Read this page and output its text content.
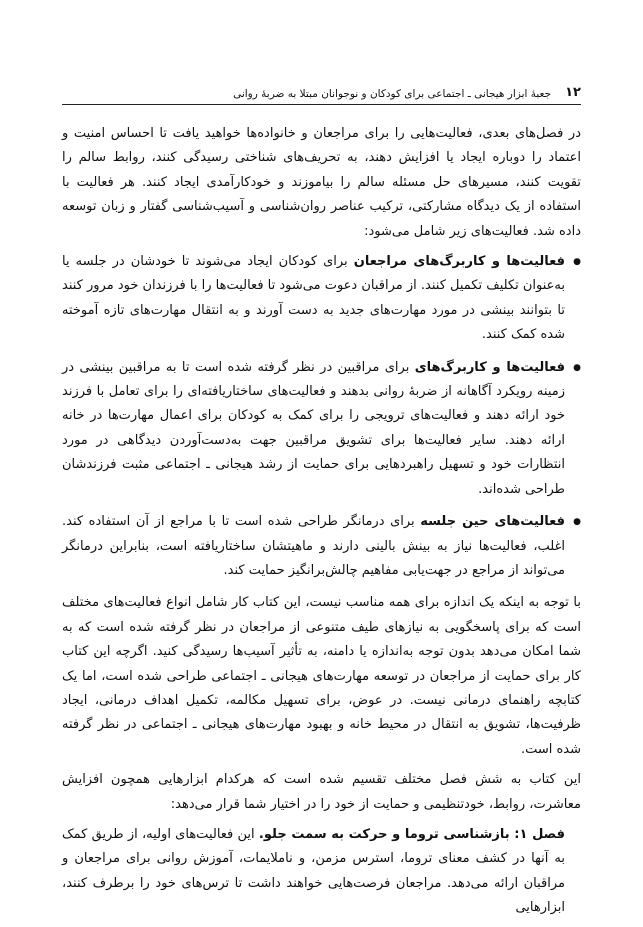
۱۲
جعبهٔ ابزار هیجانی ـ اجتماعی برای کودکان و نوجوانان مبتلا به ضربهٔ روانی

در فصل‌های بعدی، فعالیت‌هایی را برای مراجعان و خانواده‌ها خواهید یافت تا احساس امنیت و اعتماد را دوباره ایجاد یا افزایش دهند، به تحریف‌های شناختی رسیدگی کنند، روابط سالم را تقویت کنند، مسیرهای حل مسئله سالم را بیاموزند و خودکارآمدی ایجاد کنند. هر فعالیت با استفاده از یک دیدگاه مشارکتی، ترکیب عناصر روان‌شناسی و آسیب‌شناسی گفتار و زبان توسعه داده شد. فعالیت‌های زیر شامل می‌شود:

● فعالیت‌ها و کاربرگ‌های مراجعان برای کودکان ایجاد می‌شوند تا خودشان در جلسه یا به‌عنوان تکلیف تکمیل کنند. از مراقبان دعوت می‌شود تا فعالیت‌ها را با فرزندان خود مرور کنند تا بتوانند بینشی در مورد مهارت‌های جدید به دست آورند و به انتقال مهارت‌های تازه آموخته شده کمک کنند.
● فعالیت‌ها و کاربرگ‌های برای مراقبین در نظر گرفته شده است تا به مراقبین بینشی در زمینه رویکرد آگاهانه از ضربهٔ روانی بدهند و فعالیت‌های ساختاریافته‌ای را برای تعامل با فرزند خود ارائه دهند و فعالیت‌های ترویجی را برای کمک به کودکان برای اعمال مهارت‌ها در خانه ارائه دهند. سایر فعالیت‌ها برای تشویق مراقبین جهت به‌دست‌آوردن دیدگاهی در مورد انتظارات خود و تسهیل راهبردهایی برای حمایت از رشد هیجانی ـ اجتماعی مثبت فرزندشان طراحی شده‌اند.
● فعالیت‌های حین جلسه برای درمانگر طراحی شده است تا با مراجع از آن استفاده کند. اغلب، فعالیت‌ها نیاز به بینش بالینی دارند و ماهیتشان ساختاریافته است، بنابراین درمانگر می‌تواند از مراجع در جهت‌یابی مفاهیم چالش‌برانگیز حمایت کند.

با توجه به اینکه یک اندازه برای همه مناسب نیست، این کتاب کار شامل انواع فعالیت‌های مختلف است که برای پاسخگویی به نیازهای طیف متنوعی از مراجعان در نظر گرفته شده است که به شما امکان می‌دهد بدون توجه به‌اندازه یا دامنه، به تأثیر آسیب‌ها رسیدگی کنید. اگرچه این کتاب کار برای حمایت از مراجعان در توسعه مهارت‌های هیجانی ـ اجتماعی طراحی شده است، اما یک کتابچه راهنمای درمانی نیست. در عوض، برای تسهیل مکالمه، تکمیل اهداف درمانی، ایجاد ظرفیت‌ها، تشویق به انتقال در محیط خانه و بهبود مهارت‌های هیجانی ـ اجتماعی در نظر گرفته شده است.

این کتاب به شش فصل مختلف تقسیم شده است که هرکدام ابزارهایی همچون افزایش معاشرت، روابط، خودتنظیمی و حمایت از خود را در اختیار شما قرار می‌دهد:

فصل ۱: بازشناسی تروما و حرکت به سمت جلو. این فعالیت‌های اولیه، از طریق کمک به آنها در کشف معنای تروما، استرس مزمن، و ناملایمات، آموزش روانی برای مراجعان و مراقبان ارائه می‌دهد. مراجعان فرصت‌هایی خواهند داشت تا ترس‌های خود را برطرف کنند، ابزارهایی
